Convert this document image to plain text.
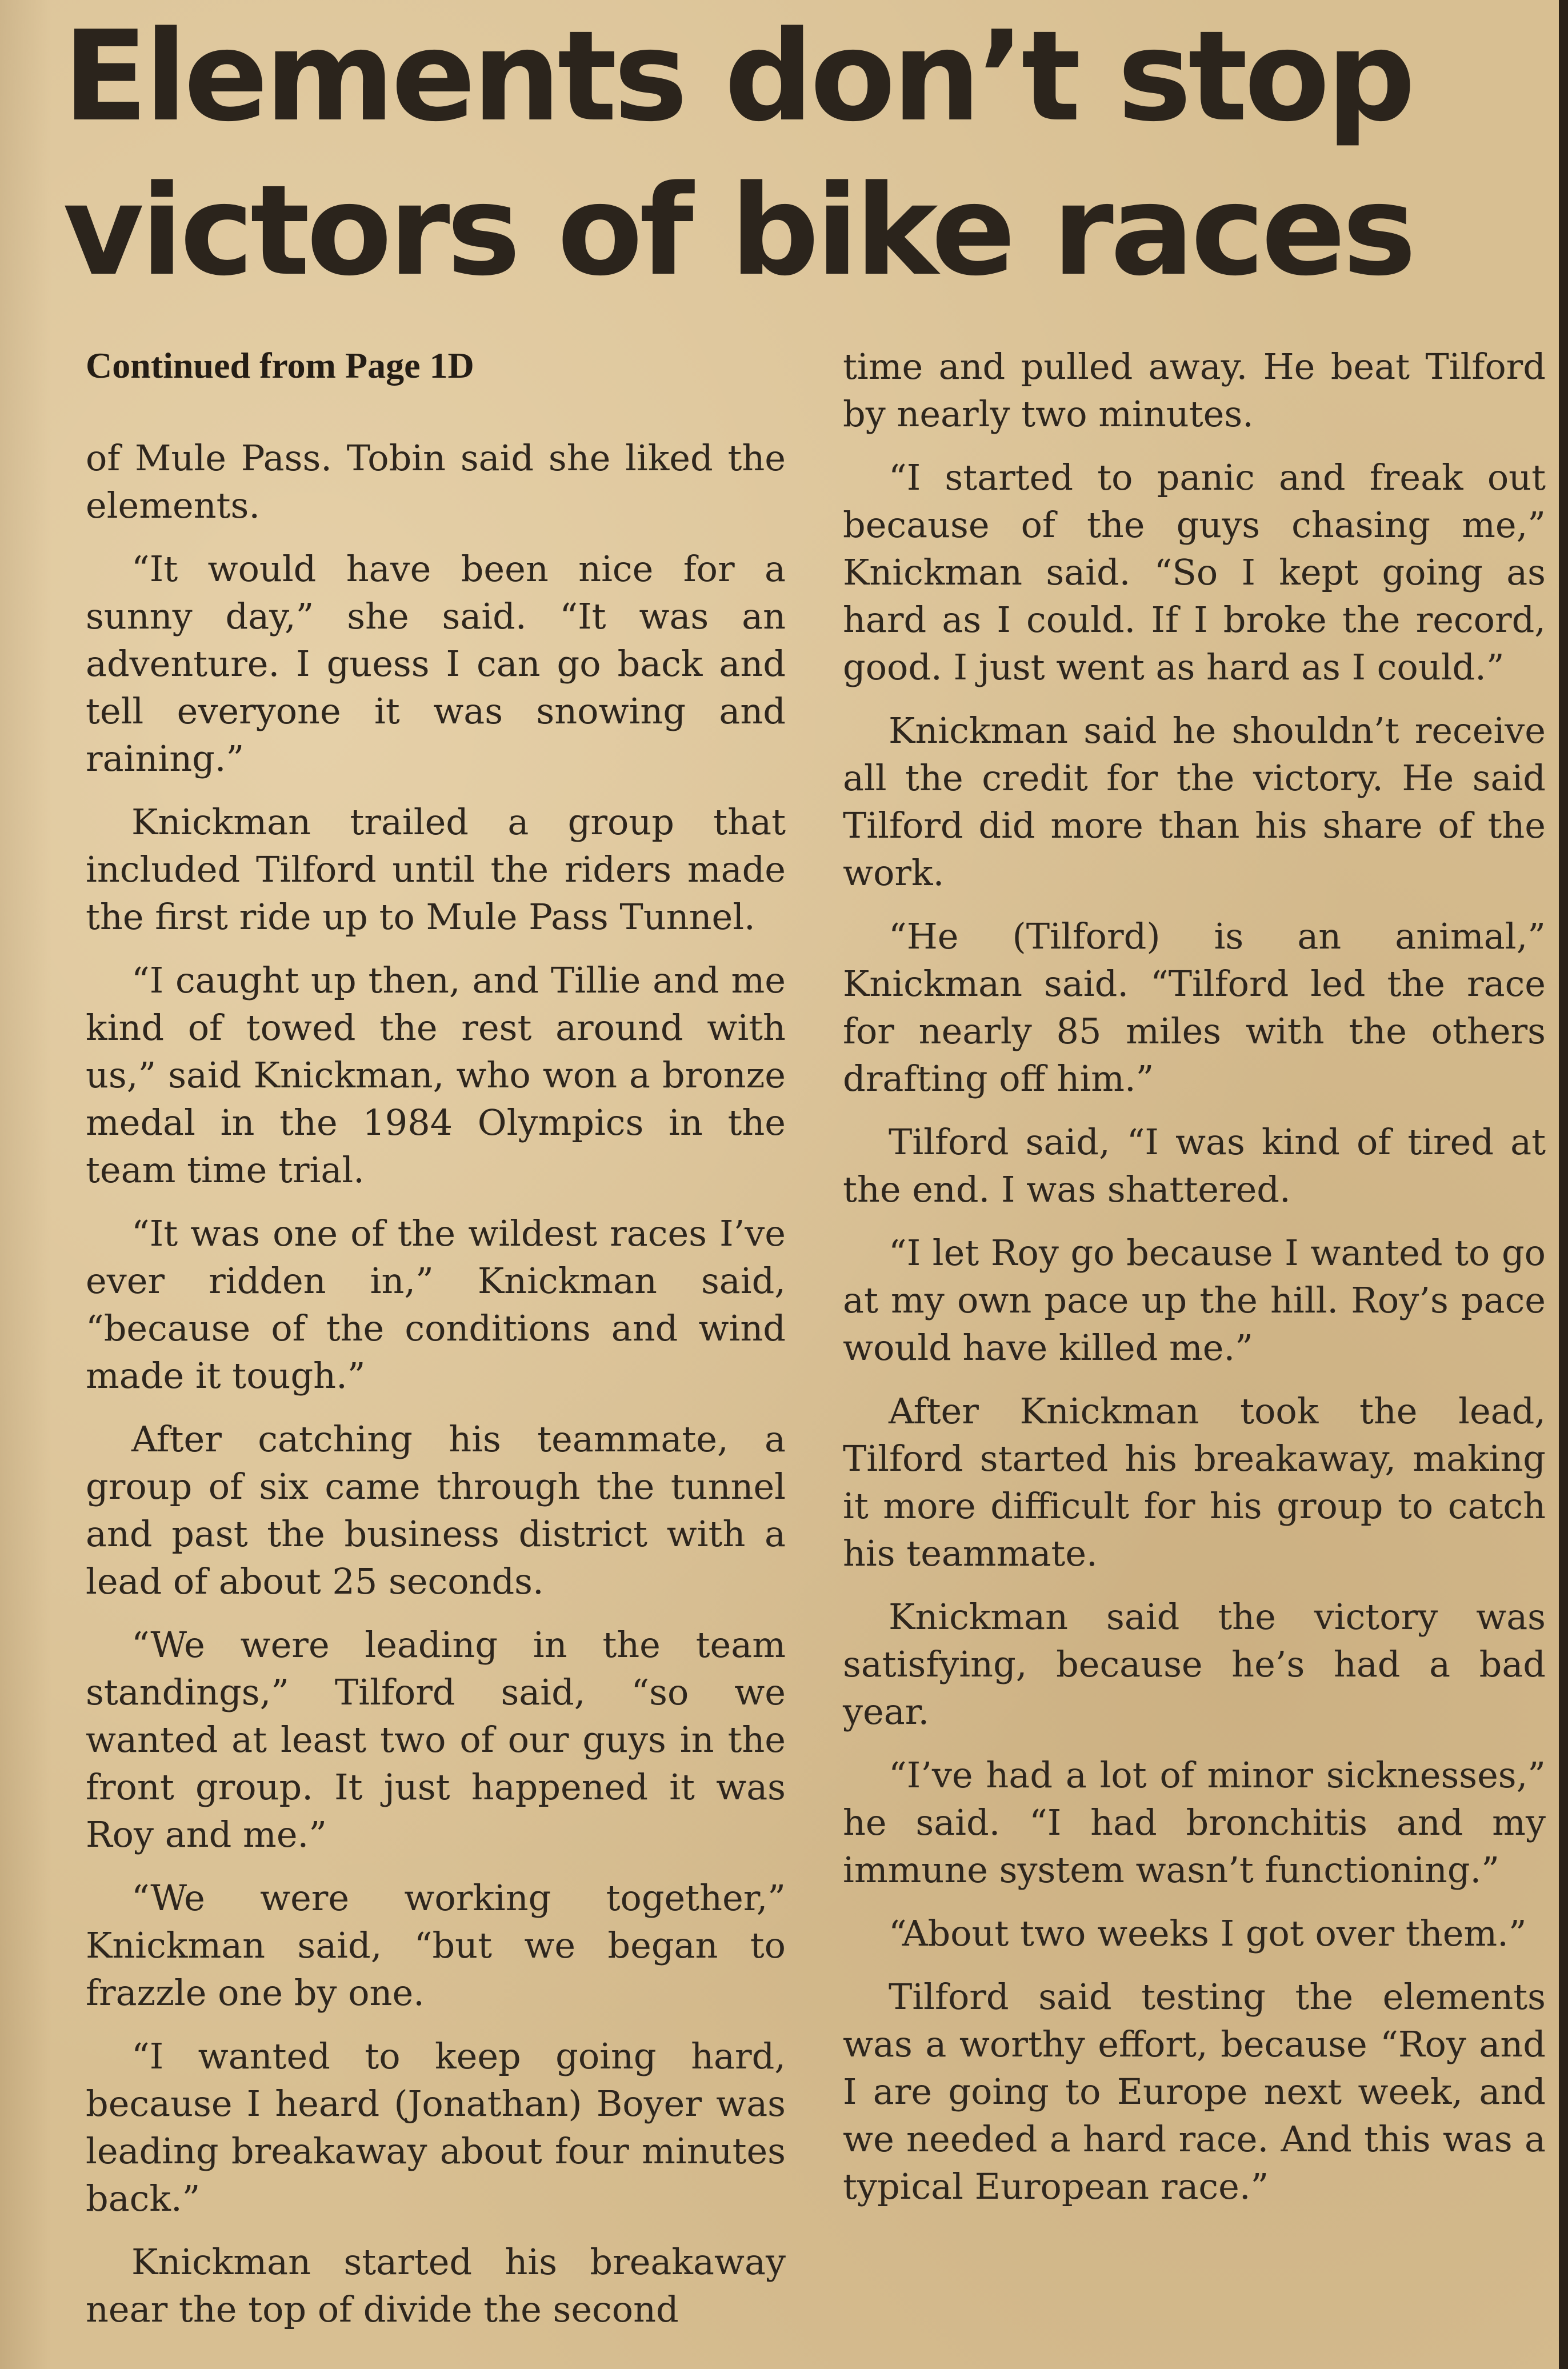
Elements don’t stop
victors of bike races

Continued from Page 1D

of Mule Pass. Tobin said she liked the elements.

“It would have been nice for a sunny day,” she said. “It was an adventure. I guess I can go back and tell everyone it was snowing and raining.”

Knickman trailed a group that included Tilford until the riders made the first ride up to Mule Pass Tunnel.

“I caught up then, and Tillie and me kind of towed the rest around with us,” said Knickman, who won a bronze medal in the 1984 Olympics in the team time trial.

“It was one of the wildest races I’ve ever ridden in,” Knickman said, “because of the conditions and wind made it tough.”

After catching his teammate, a group of six came through the tunnel and past the business district with a lead of about 25 seconds.

“We were leading in the team standings,” Tilford said, “so we wanted at least two of our guys in the front group. It just happened it was Roy and me.”

“We were working together,” Knickman said, “but we began to frazzle one by one.

“I wanted to keep going hard, because I heard (Jonathan) Boyer was leading breakaway about four minutes back.”

Knickman started his breakaway near the top of divide the second

time and pulled away. He beat Tilford by nearly two minutes.

“I started to panic and freak out because of the guys chasing me,” Knickman said. “So I kept going as hard as I could. If I broke the record, good. I just went as hard as I could.”

Knickman said he shouldn’t receive all the credit for the victory. He said Tilford did more than his share of the work.

“He (Tilford) is an animal,” Knickman said. “Tilford led the race for nearly 85 miles with the others drafting off him.”

Tilford said, “I was kind of tired at the end. I was shattered.

“I let Roy go because I wanted to go at my own pace up the hill. Roy’s pace would have killed me.”

After Knickman took the lead, Tilford started his breakaway, making it more difficult for his group to catch his teammate.

Knickman said the victory was satisfying, because he’s had a bad year.

“I’ve had a lot of minor sicknesses,” he said. “I had bronchitis and my immune system wasn’t functioning.”

“About two weeks I got over them.”

Tilford said testing the elements was a worthy effort, because “Roy and I are going to Europe next week, and we needed a hard race. And this was a typical European race.”
